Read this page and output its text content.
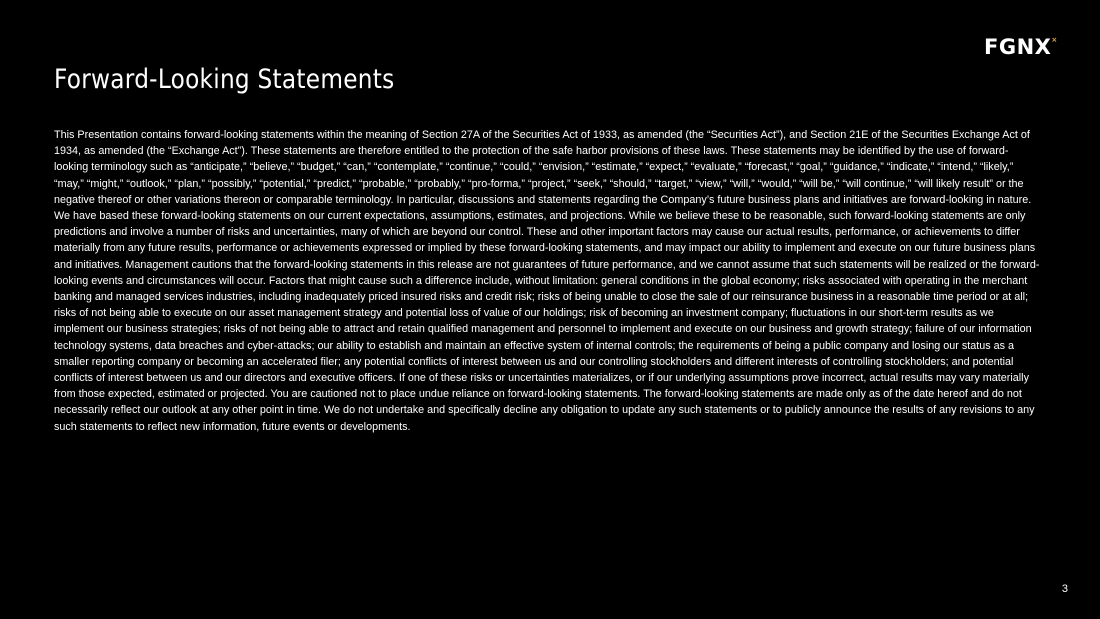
FGNX ×
Forward-Looking Statements

This Presentation contains forward-looking statements within the meaning of Section 27A of the Securities Act of 1933, as amended (the “Securities Act”), and Section 21E of the Securities Exchange Act of 1934, as amended (the “Exchange Act”). These statements are therefore entitled to the protection of the safe harbor provisions of these laws. These statements may be identified by the use of forward-looking terminology such as “anticipate,” “believe,” “budget,” “can,” “contemplate,” “continue,” “could,” “envision,” “estimate,” “expect,” “evaluate,” “forecast,” “goal,” “guidance,” “indicate,” “intend,” “likely,” “may,” “might,” “outlook,” “plan,” “possibly,” “potential,” “predict,” “probable,” “probably,” “pro-forma,” “project,” “seek,” “should,” “target,” “view,” “will,” “would,” “will be,” “will continue,” “will likely result” or the negative thereof or other variations thereon or comparable terminology. In particular, discussions and statements regarding the Company’s future business plans and initiatives are forward-looking in nature. We have based these forward-looking statements on our current expectations, assumptions, estimates, and projections. While we believe these to be reasonable, such forward-looking statements are only predictions and involve a number of risks and uncertainties, many of which are beyond our control. These and other important factors may cause our actual results, performance, or achievements to differ materially from any future results, performance or achievements expressed or implied by these forward-looking statements, and may impact our ability to implement and execute on our future business plans and initiatives. Management cautions that the forward-looking statements in this release are not guarantees of future performance, and we cannot assume that such statements will be realized or the forward-looking events and circumstances will occur. Factors that might cause such a difference include, without limitation: general conditions in the global economy; risks associated with operating in the merchant banking and managed services industries, including inadequately priced insured risks and credit risk; risks of being unable to close the sale of our reinsurance business in a reasonable time period or at all; risks of not being able to execute on our asset management strategy and potential loss of value of our holdings; risk of becoming an investment company; fluctuations in our short-term results as we implement our business strategies; risks of not being able to attract and retain qualified management and personnel to implement and execute on our business and growth strategy; failure of our information technology systems, data breaches and cyber-attacks; our ability to establish and maintain an effective system of internal controls; the requirements of being a public company and losing our status as a smaller reporting company or becoming an accelerated filer; any potential conflicts of interest between us and our controlling stockholders and different interests of controlling stockholders; and potential conflicts of interest between us and our directors and executive officers. If one of these risks or uncertainties materializes, or if our underlying assumptions prove incorrect, actual results may vary materially from those expected, estimated or projected. You are cautioned not to place undue reliance on forward-looking statements. The forward-looking statements are made only as of the date hereof and do not necessarily reflect our outlook at any other point in time. We do not undertake and specifically decline any obligation to update any such statements or to publicly announce the results of any revisions to any such statements to reflect new information, future events or developments.

3
